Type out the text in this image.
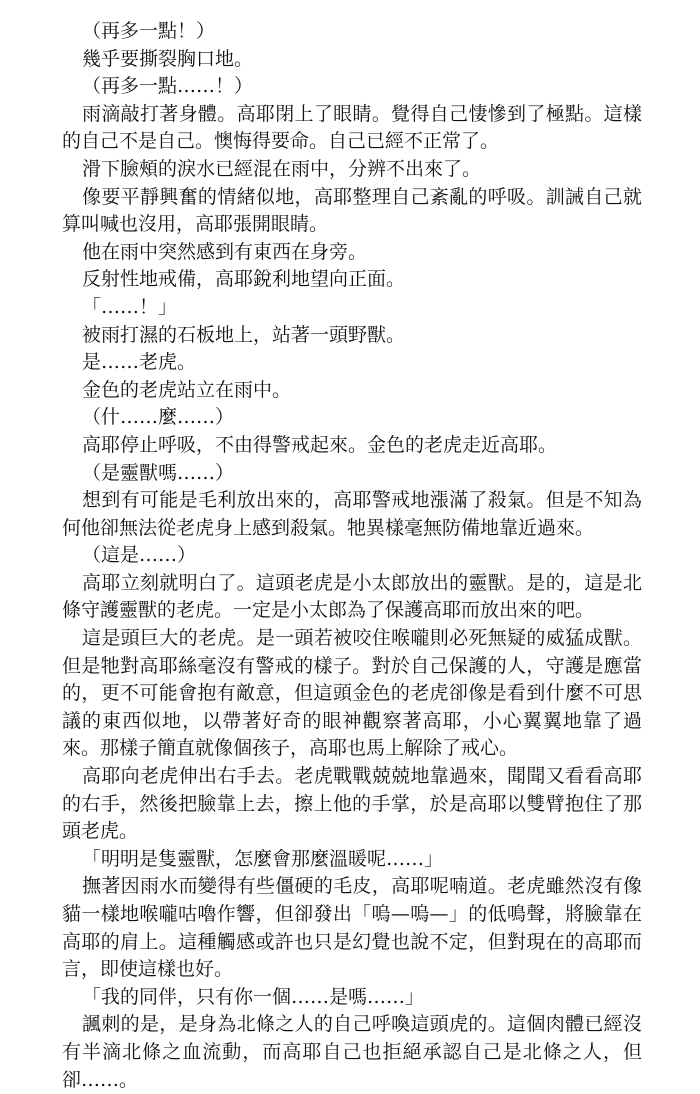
（再多一點！）

幾乎要撕裂胸口地。

（再多一點……！）

雨滴敲打著身體。高耶閉上了眼睛。覺得自己悽慘到了極點。這樣的自己不是自己。懊悔得要命。自己已經不正常了。

滑下臉頰的淚水已經混在雨中，分辨不出來了。

像要平靜興奮的情緒似地，高耶整理自己紊亂的呼吸。訓誡自己就算叫喊也沒用，高耶張開眼睛。

他在雨中突然感到有東西在身旁。

反射性地戒備，高耶銳利地望向正面。

「……！」

被雨打濕的石板地上，站著一頭野獸。

是……老虎。

金色的老虎站立在雨中。

（什……麼……）

高耶停止呼吸，不由得警戒起來。金色的老虎走近高耶。

（是靈獸嗎……）

想到有可能是毛利放出來的，高耶警戒地漲滿了殺氣。但是不知為何他卻無法從老虎身上感到殺氣。牠異樣毫無防備地靠近過來。

（這是……）

高耶立刻就明白了。這頭老虎是小太郎放出的靈獸。是的，這是北條守護靈獸的老虎。一定是小太郎為了保護高耶而放出來的吧。

這是頭巨大的老虎。是一頭若被咬住喉嚨則必死無疑的威猛成獸。但是牠對高耶絲毫沒有警戒的樣子。對於自己保護的人，守護是應當的，更不可能會抱有敵意，但這頭金色的老虎卻像是看到什麼不可思議的東西似地，以帶著好奇的眼神觀察著高耶，小心翼翼地靠了過來。那樣子簡直就像個孩子，高耶也馬上解除了戒心。

高耶向老虎伸出右手去。老虎戰戰兢兢地靠過來，聞聞又看看高耶的右手，然後把臉靠上去，擦上他的手掌，於是高耶以雙臂抱住了那頭老虎。

「明明是隻靈獸，怎麼會那麼溫暖呢……」

撫著因雨水而變得有些僵硬的毛皮，高耶呢喃道。老虎雖然沒有像貓一樣地喉嚨咕嚕作響，但卻發出「嗚—嗚—」的低鳴聲，將臉靠在高耶的肩上。這種觸感或許也只是幻覺也說不定，但對現在的高耶而言，即使這樣也好。

「我的同伴，只有你一個……是嗎……」

諷刺的是，是身為北條之人的自己呼喚這頭虎的。這個肉體已經沒有半滴北條之血流動，而高耶自己也拒絕承認自己是北條之人，但卻……。
